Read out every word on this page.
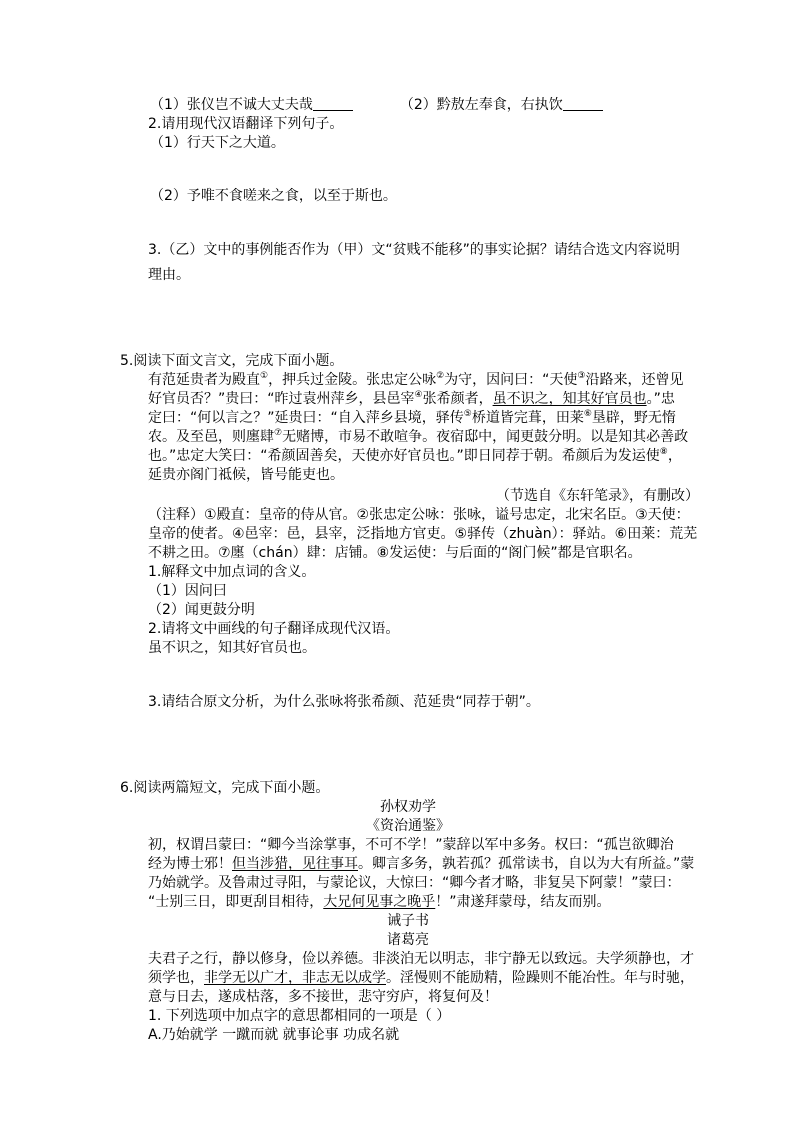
（1）张仪岂不诚大丈夫哉	（2）黔敖左奉食，右执饮
2.请用现代汉语翻译下列句子。
（1）行天下之大道。
（2）予唯不食嗟来之食，以至于斯也。
3.（乙）文中的事例能否作为（甲）文“贫贱不能移”的事实论据？请结合选文内容说明
理由。
5.阅读下面文言文，完成下面小题。
有范延贵者为殿直①，押兵过金陵。张忠定公咏②为守，因问曰：“天使③沿路来，还曾见
好官员否？”贵曰：“昨过袁州萍乡，县邑宰④张希颜者，虽不识之，知其好官员也。”忠
定曰：“何以言之？”延贵曰：“自入萍乡县境，驿传⑤桥道皆完葺，田莱⑥垦辟，野无惰
农。及至邑，则廛肆⑦无赌博，市易不敢喧争。夜宿邸中，闻更鼓分明。以是知其必善政
也。”忠定大笑曰：“希颜固善矣，天使亦好官员也。”即日同荐于朝。希颜后为发运使⑧，
延贵亦阁门祗候，皆号能吏也。
（节选自《东轩笔录》，有删改）
（注释）①殿直：皇帝的侍从官。②张忠定公咏：张咏，谥号忠定，北宋名臣。③天使：
皇帝的使者。④邑宰：邑，县宰，泛指地方官吏。⑤驿传（zhuàn）：驿站。⑥田莱：荒芜
不耕之田。⑦廛（chán）肆：店铺。⑧发运使：与后面的“阁门候”都是官职名。
1.解释文中加点词的含义。
（1）因问曰
（2）闻更鼓分明
2.请将文中画线的句子翻译成现代汉语。
虽不识之，知其好官员也。
3.请结合原文分析，为什么张咏将张希颜、范延贵“同荐于朝”。
6.阅读两篇短文，完成下面小题。
孙权劝学
《资治通鉴》
初，权谓吕蒙曰：“卿今当涂掌事，不可不学！”蒙辞以军中多务。权曰：“孤岂欲卿治
经为博士邪！但当涉猎，见往事耳。卿言多务，孰若孤？孤常读书，自以为大有所益。”蒙
乃始就学。及鲁肃过寻阳，与蒙论议，大惊曰：“卿今者才略，非复吴下阿蒙！”蒙曰：
“士别三日，即更刮目相待，大兄何见事之晚乎！”肃遂拜蒙母，结友而别。
诫子书
诸葛亮
夫君子之行，静以修身，俭以养德。非淡泊无以明志，非宁静无以致远。夫学须静也，才
须学也，非学无以广才，非志无以成学。淫慢则不能励精，险躁则不能冶性。年与时驰，
意与日去，遂成枯落，多不接世，悲守穷庐，将复何及！
1. 下列选项中加点字的意思都相同的一项是（ ）
A.乃始就学 一蹴而就 就事论事 功成名就
